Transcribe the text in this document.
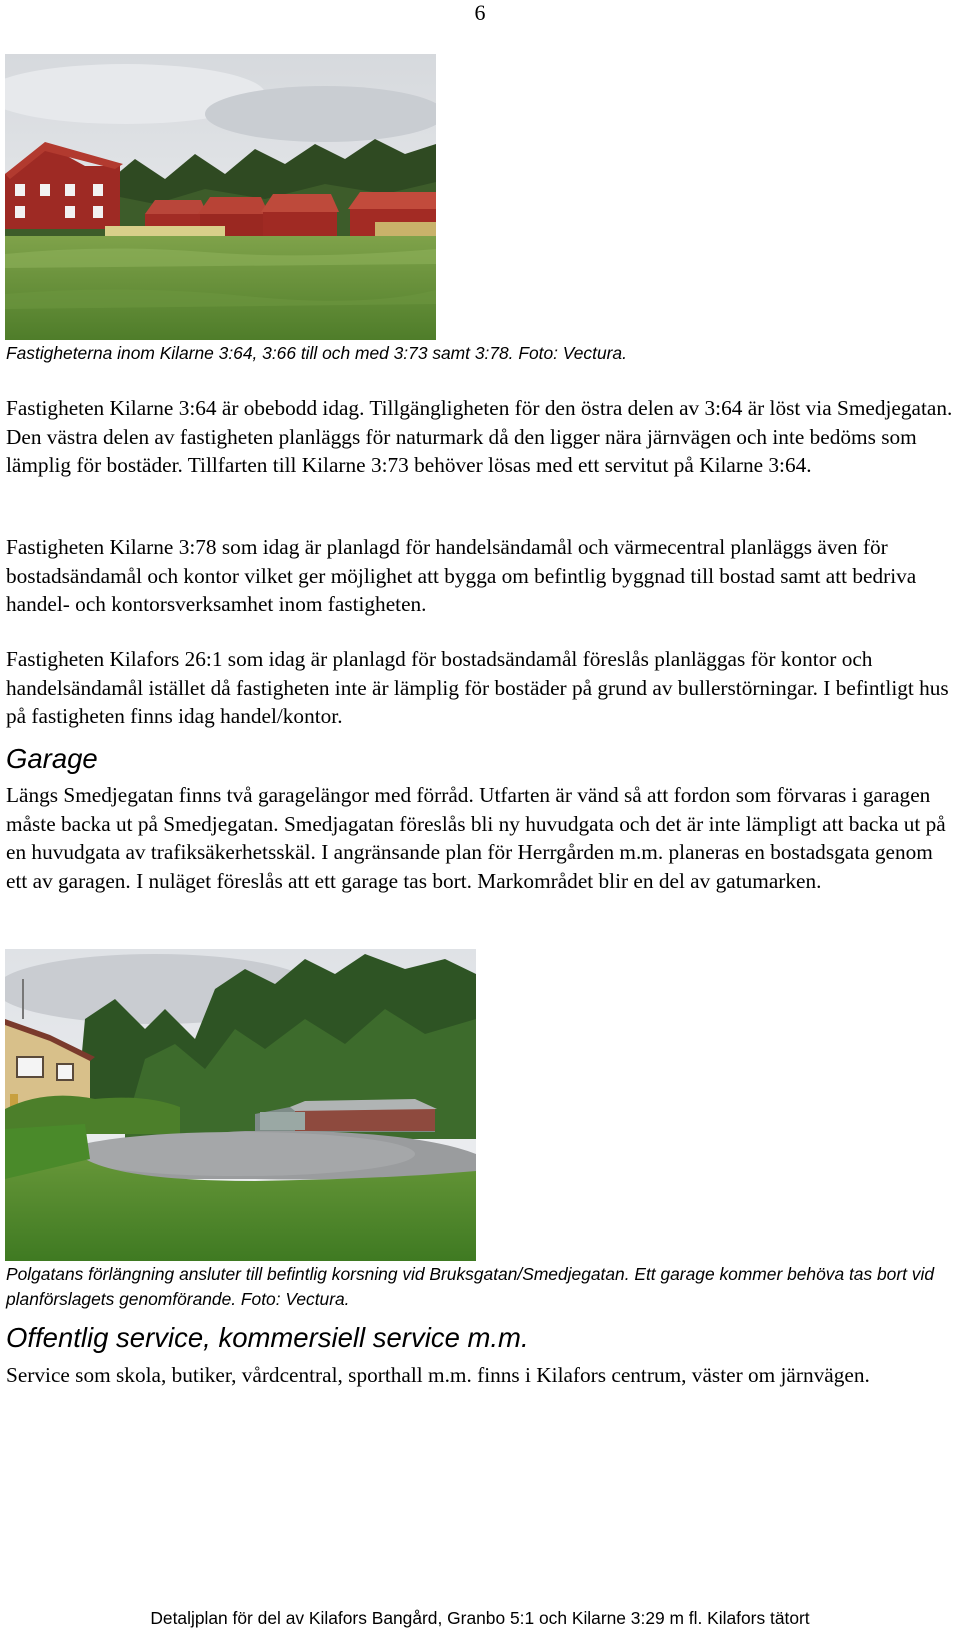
6

Fastigheterna inom Kilarne 3:64, 3:66 till och med 3:73 samt 3:78. Foto: Vectura.

Fastigheten Kilarne 3:64 är obebodd idag. Tillgängligheten för den östra delen av 3:64 är löst via Smedjegatan. Den västra delen av fastigheten planläggs för naturmark då den ligger nära järnvägen och inte bedöms som lämplig för bostäder. Tillfarten till Kilarne 3:73 behöver lösas med ett servitut på Kilarne 3:64.

Fastigheten Kilarne 3:78 som idag är planlagd för handelsändamål och värmecentral planläggs även för bostadsändamål och kontor vilket ger möjlighet att bygga om befintlig byggnad till bostad samt att bedriva handel- och kontorsverksamhet inom fastigheten.

Fastigheten Kilafors 26:1 som idag är planlagd för bostadsändamål föreslås planläggas för kontor och handelsändamål istället då fastigheten inte är lämplig för bostäder på grund av bullerstörningar. I befintligt hus på fastigheten finns idag handel/kontor.

Garage

Längs Smedjegatan finns två garagelängor med förråd. Utfarten är vänd så att fordon som förvaras i garagen måste backa ut på Smedjegatan. Smedjagatan föreslås bli ny huvudgata och det är inte lämpligt att backa ut på en huvudgata av trafiksäkerhetsskäl. I angränsande plan för Herrgården m.m. planeras en bostadsgata genom ett av garagen. I nuläget föreslås att ett garage tas bort. Markområdet blir en del av gatumarken.

Polgatans förlängning ansluter till befintlig korsning vid Bruksgatan/Smedjegatan. Ett garage kommer behöva tas bort vid planförslagets genomförande. Foto: Vectura.

Offentlig service, kommersiell service m.m.

Service som skola, butiker, vårdcentral, sporthall m.m. finns i Kilafors centrum, väster om järnvägen.

Detaljplan för del av Kilafors Bangård, Granbo 5:1 och Kilarne 3:29 m fl. Kilafors tätort
